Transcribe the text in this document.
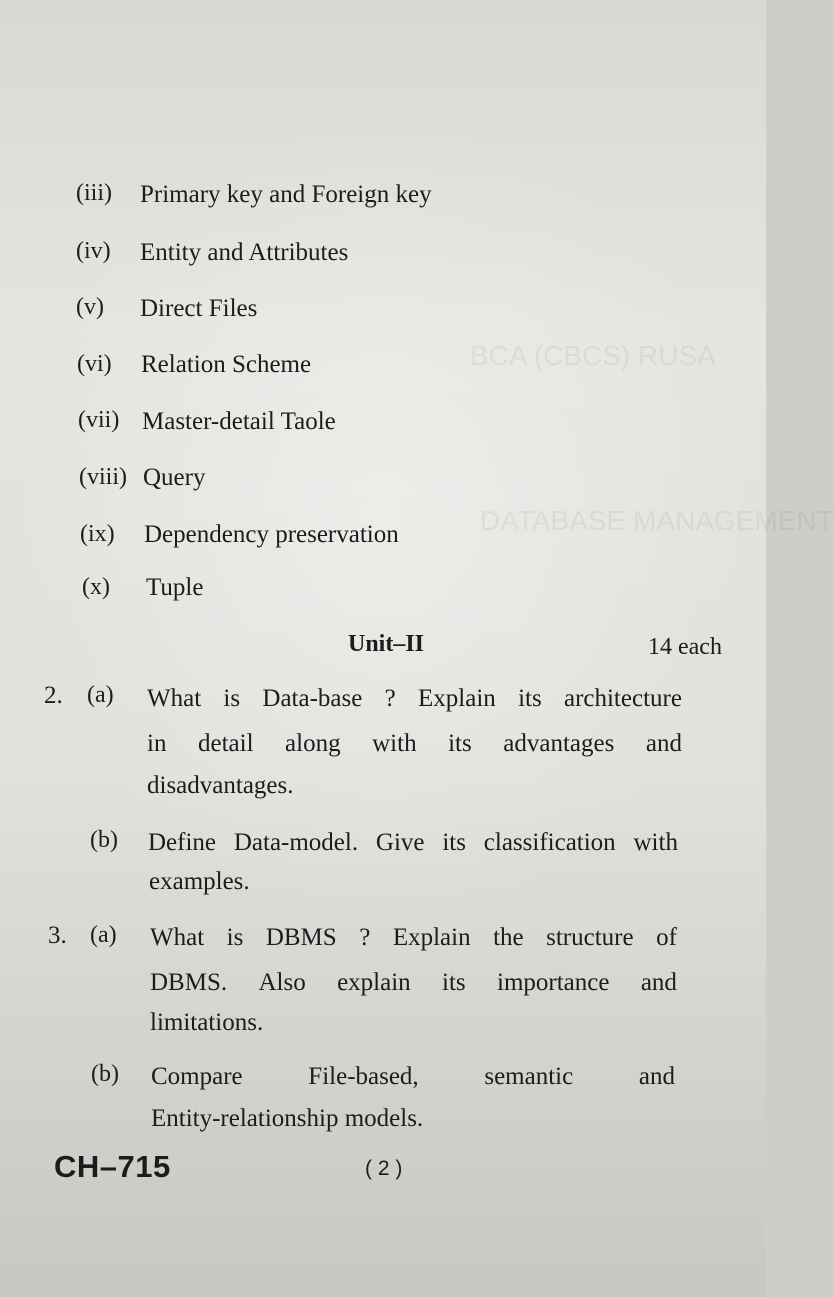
BCA (CBCS) RUSA
DATABASE MANAGEMENT
(iii) Primary key and Foreign key
(iv) Entity and Attributes
(v) Direct Files
(vi) Relation Scheme
(vii) Master-detail Taole
(viii) Query
(ix) Dependency preservation
(x) Tuple
Unit–II	14 each
2. (a) What is Data-base ? Explain its architecture
in detail along with its advantages and
disadvantages.
(b) Define Data-model. Give its classification with
examples.
3. (a) What is DBMS ? Explain the structure of
DBMS. Also explain its importance and
limitations.
(b) Compare	File-based,	semantic	and
Entity-relationship models.
CH–715	( 2 )
